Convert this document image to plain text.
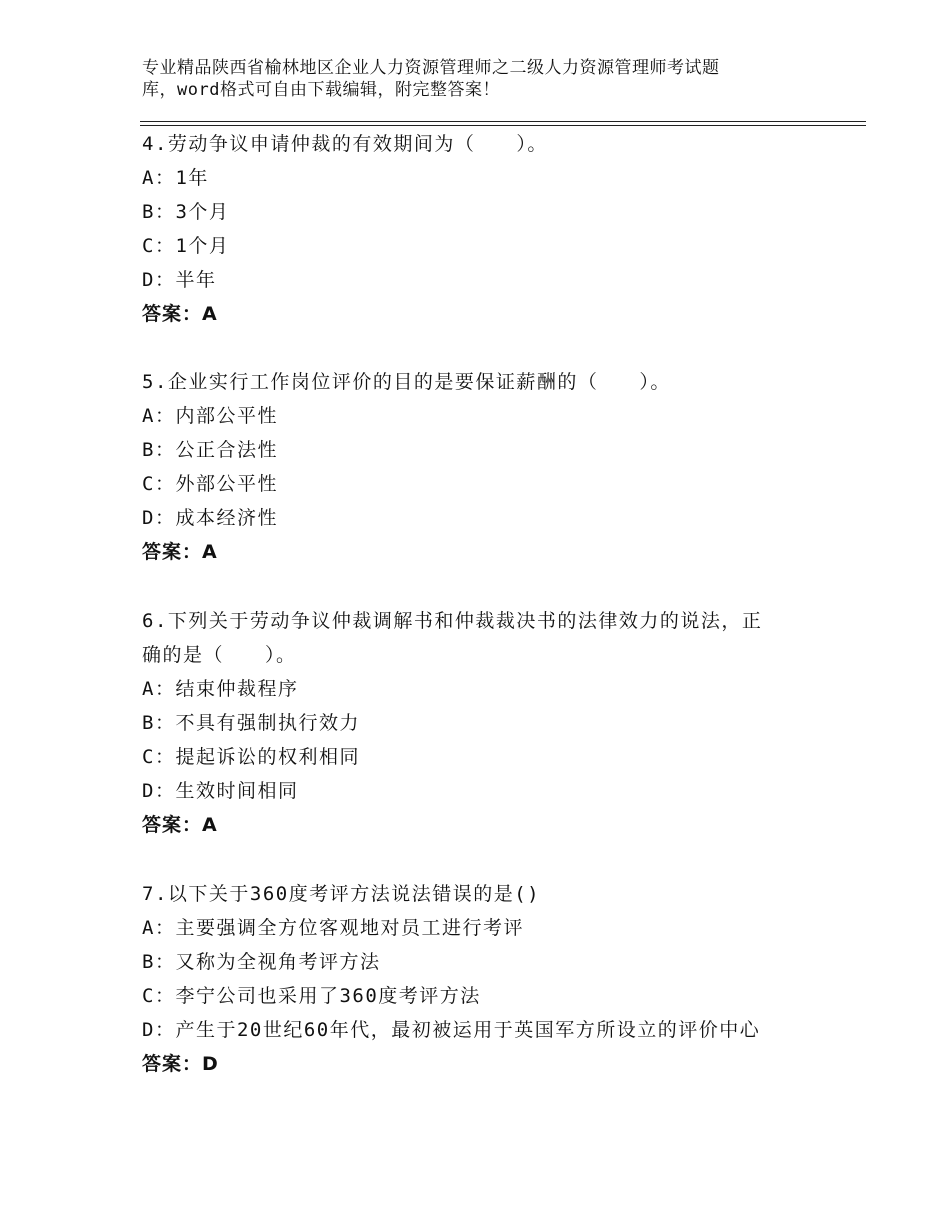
专业精品陕西省榆林地区企业人力资源管理师之二级人力资源管理师考试题
库，word格式可自由下载编辑，附完整答案！
4.劳动争议申请仲裁的有效期间为（　　）。
A：1年
B：3个月
C：1个月
D：半年
答案：A
5.企业实行工作岗位评价的目的是要保证薪酬的（　　）。
A：内部公平性
B：公正合法性
C：外部公平性
D：成本经济性
答案：A
6.下列关于劳动争议仲裁调解书和仲裁裁决书的法律效力的说法，正
确的是（　　）。
A：结束仲裁程序
B：不具有强制执行效力
C：提起诉讼的权利相同
D：生效时间相同
答案：A
7.以下关于360度考评方法说法错误的是()
A：主要强调全方位客观地对员工进行考评
B：又称为全视角考评方法
C：李宁公司也采用了360度考评方法
D：产生于20世纪60年代，最初被运用于英国军方所设立的评价中心
答案：D
